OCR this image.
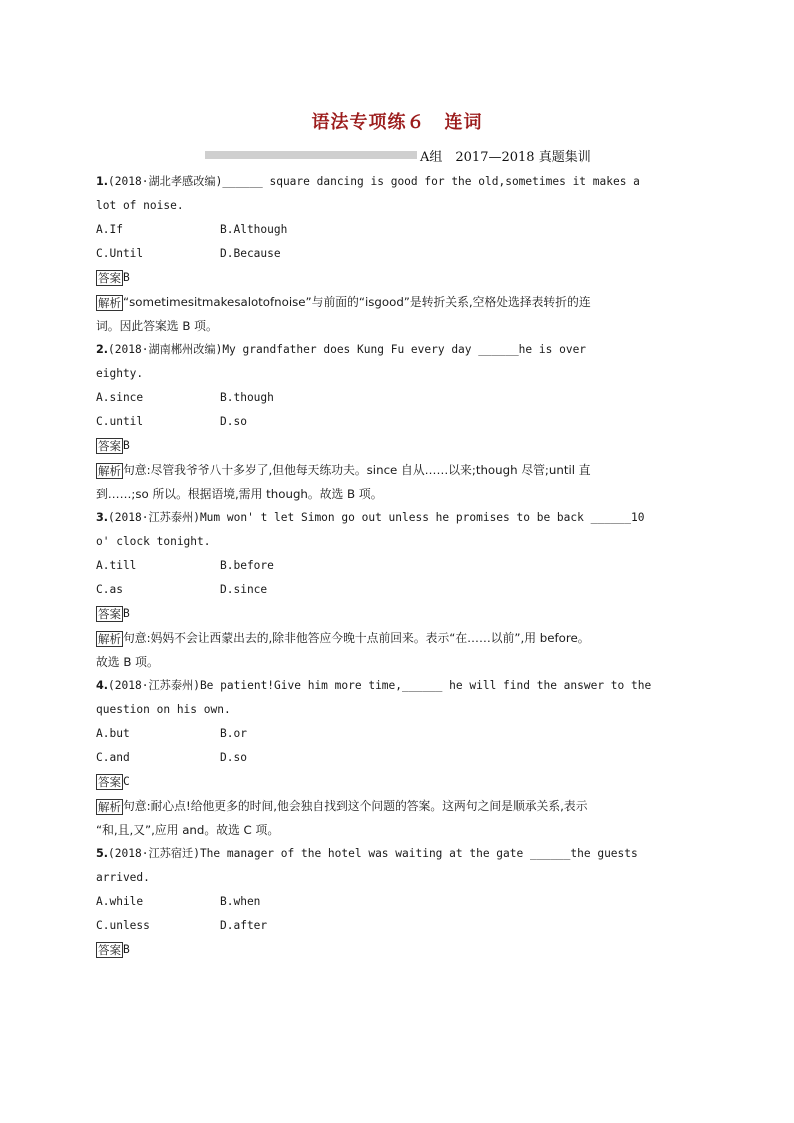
语法专项练６　连词
A组　2017—2018 真题集训
1.(2018·湖北孝感改编)______ square dancing is good for the old,sometimes it makes a
lot of noise.
A.If	B.Although
C.Until	D.Because
答案 B
解析 “sometimesitmakesalotofnoise”与前面的“isgood”是转折关系,空格处选择表转折的连
词。因此答案选 B 项。
2.(2018·湖南郴州改编)My grandfather does Kung Fu every day ______he is over
eighty.
A.since	B.though
C.until	D.so
答案 B
解析 句意:尽管我爷爷八十多岁了,但他每天练功夫。since 自从……以来;though 尽管;until 直
到……;so 所以。根据语境,需用 though。故选 B 项。
3.(2018·江苏泰州)Mum won' t let Simon go out unless he promises to be back ______10
o' clock tonight.
A.till	B.before
C.as	D.since
答案 B
解析 句意:妈妈不会让西蒙出去的,除非他答应今晚十点前回来。表示“在……以前”,用 before。
故选 B 项。
4.(2018·江苏泰州)Be patient!Give him more time,______ he will find the answer to the
question on his own.
A.but	B.or
C.and	D.so
答案 C
解析 句意:耐心点!给他更多的时间,他会独自找到这个问题的答案。这两句之间是顺承关系,表示
“和,且,又”,应用 and。故选 C 项。
5.(2018·江苏宿迁)The manager of the hotel was waiting at the gate ______the guests
arrived.
A.while	B.when
C.unless	D.after
答案 B
